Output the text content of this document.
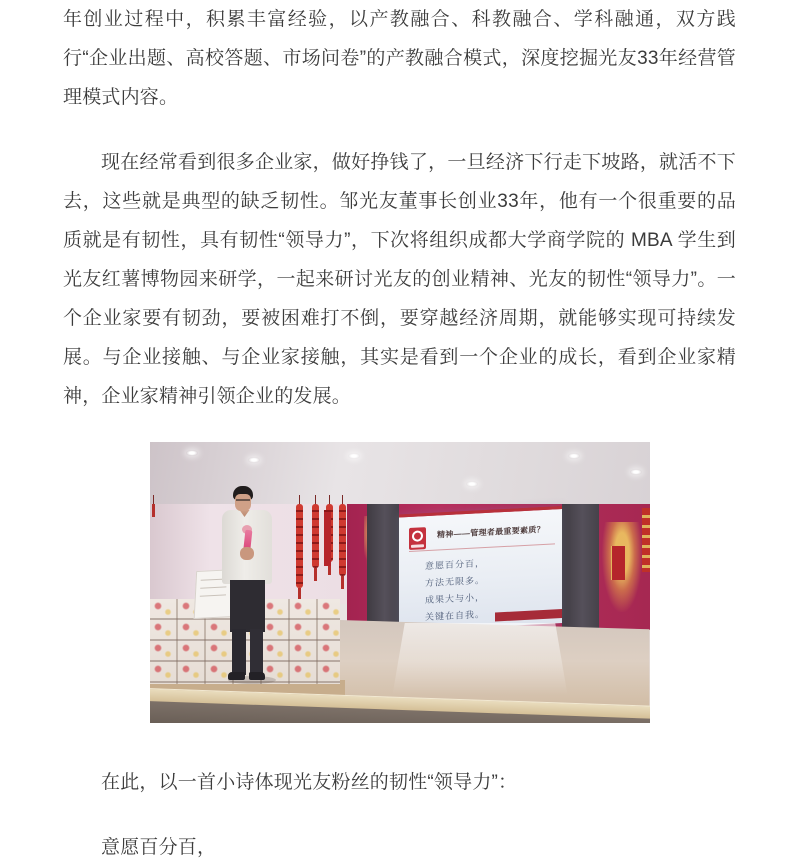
年创业过程中，积累丰富经验，以产教融合、科教融合、学科融通，双方践行“企业出题、高校答题、市场问卷”的产教融合模式，深度挖掘光友33年经营管理模式内容。

现在经常看到很多企业家，做好挣钱了，一旦经济下行走下坡路，就活不下去，这些就是典型的缺乏韧性。邹光友董事长创业33年，他有一个很重要的品质就是有韧性，具有韧性“领导力”，下次将组织成都大学商学院的 MBA 学生到光友红薯博物园来研学，一起来研讨光友的创业精神、光友的韧性“领导力”。一个企业家要有韧劲，要被困难打不倒，要穿越经济周期，就能够实现可持续发展。与企业接触、与企业家接触，其实是看到一个企业的成长，看到企业家精神，企业家精神引领企业的发展。

精神——管理者最重要素质？
意愿百分百，
方法无限多。
成果大与小，
关键在自我。

在此，以一首小诗体现光友粉丝的韧性“领导力”：

意愿百分百，
